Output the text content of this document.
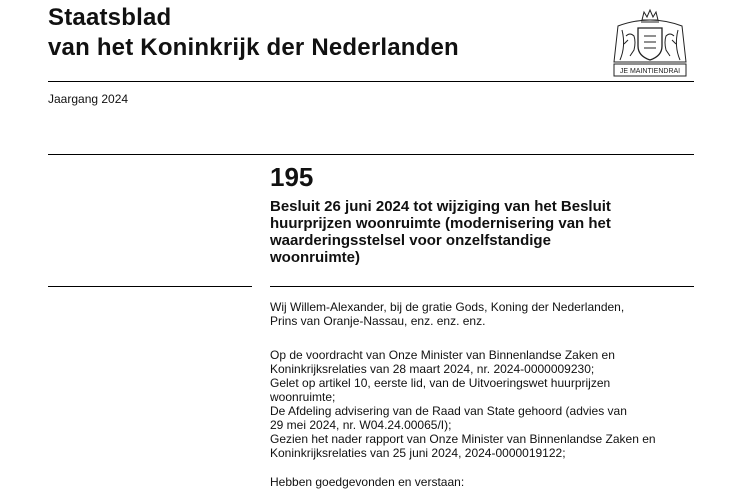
Staatsblad
van het Koninkrijk der Nederlanden
JE MAINTIENDRAI
Jaargang 2024
195
Besluit 26 juni 2024 tot wijziging van het Besluit
huurprijzen woonruimte (modernisering van het
waarderingsstelsel voor onzelfstandige
woonruimte)
Wij Willem-Alexander, bij de gratie Gods, Koning der Nederlanden,
Prins van Oranje-Nassau, enz. enz. enz.
Op de voordracht van Onze Minister van Binnenlandse Zaken en
Koninkrijksrelaties van 28 maart 2024, nr. 2024-0000009230;
Gelet op artikel 10, eerste lid, van de Uitvoeringswet huurprijzen
woonruimte;
De Afdeling advisering van de Raad van State gehoord (advies van
29 mei 2024, nr. W04.24.00065/I);
Gezien het nader rapport van Onze Minister van Binnenlandse Zaken en
Koninkrijksrelaties van 25 juni 2024, 2024-0000019122;
Hebben goedgevonden en verstaan:
